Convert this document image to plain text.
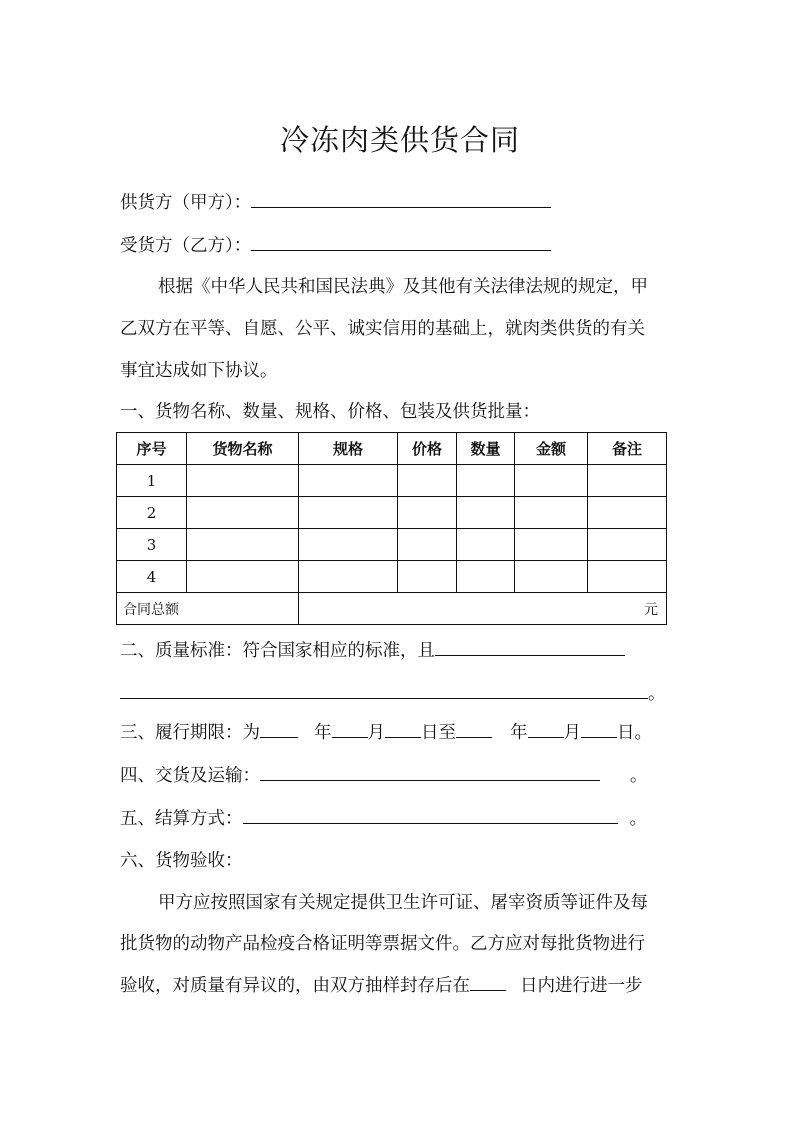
冷冻肉类供货合同
供货方（甲方）：
受货方（乙方）：
根据《中华人民共和国民法典》及其他有关法律法规的规定，甲
乙双方在平等、自愿、公平、诚实信用的基础上，就肉类供货的有关
事宜达成如下协议。
一、货物名称、数量、规格、价格、包装及供货批量：
序号	货物名称	规格	价格	数量	金额	备注
1						
2						
3						
4						
合同总额		元				
二、质量标准：符合国家相应的标准，且
。
三、履行期限：为	年 月 日至	年 月 日。
四、交货及运输：	。
五、结算方式：	。
六、货物验收：
甲方应按照国家有关规定提供卫生许可证、屠宰资质等证件及每
批货物的动物产品检疫合格证明等票据文件。乙方应对每批货物进行
验收，对质量有异议的，由双方抽样封存后在	日内进行进一步
